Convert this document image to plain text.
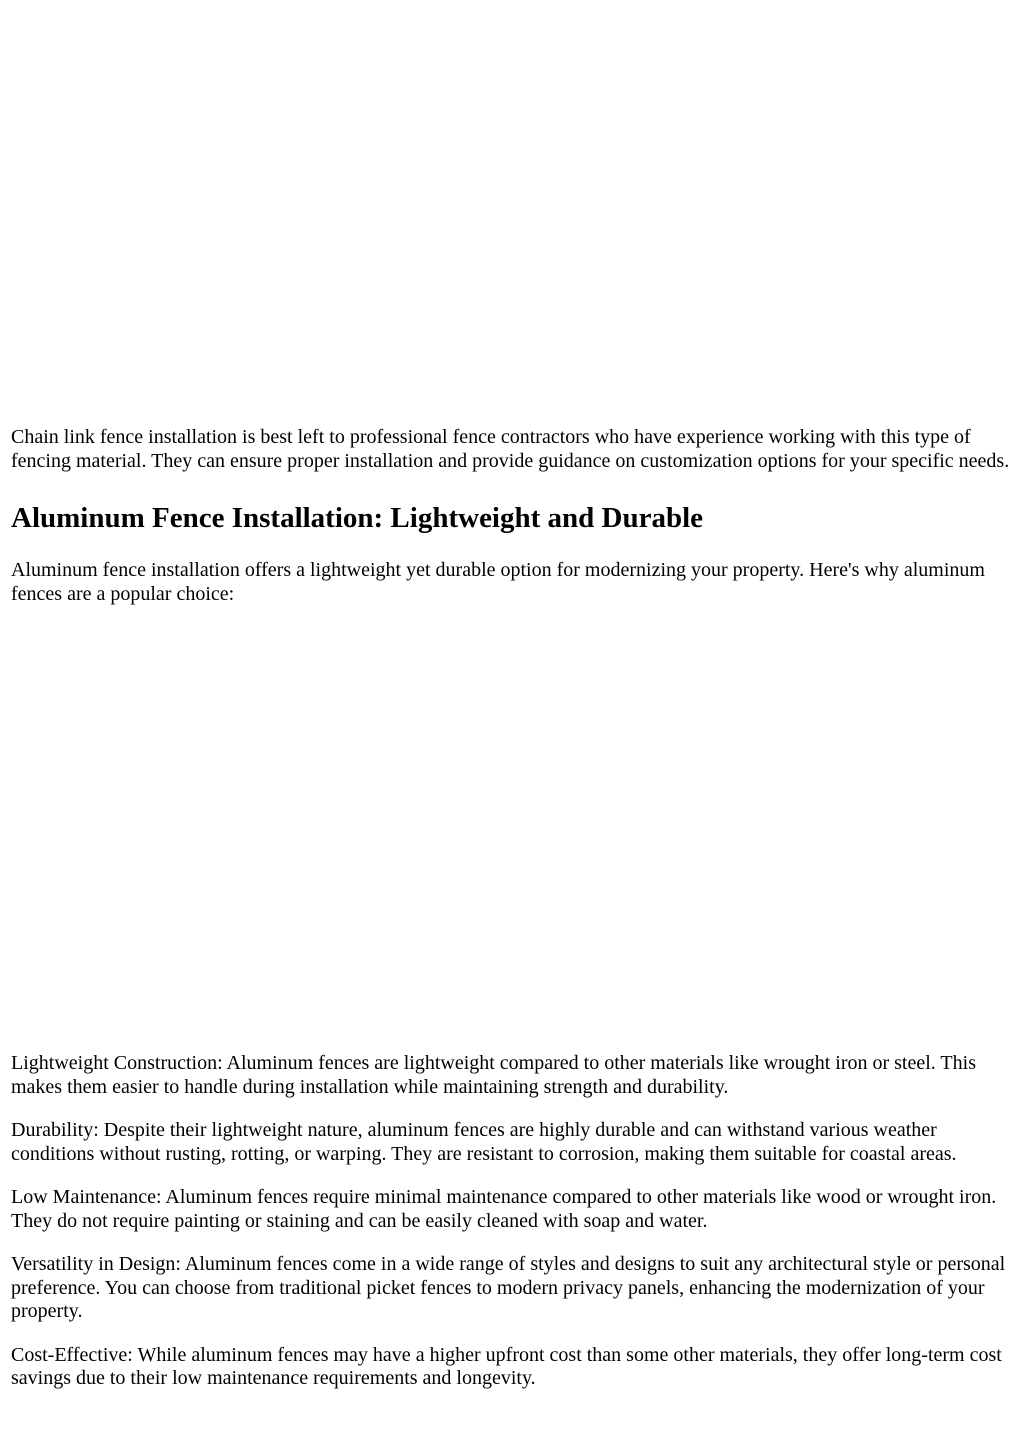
Chain link fence installation is best left to professional fence contractors who have experience working with this type of fencing material. They can ensure proper installation and provide guidance on customization options for your specific needs.

Aluminum Fence Installation: Lightweight and Durable

Aluminum fence installation offers a lightweight yet durable option for modernizing your property. Here's why aluminum fences are a popular choice:

Lightweight Construction: Aluminum fences are lightweight compared to other materials like wrought iron or steel. This makes them easier to handle during installation while maintaining strength and durability.

Durability: Despite their lightweight nature, aluminum fences are highly durable and can withstand various weather conditions without rusting, rotting, or warping. They are resistant to corrosion, making them suitable for coastal areas.

Low Maintenance: Aluminum fences require minimal maintenance compared to other materials like wood or wrought iron. They do not require painting or staining and can be easily cleaned with soap and water.

Versatility in Design: Aluminum fences come in a wide range of styles and designs to suit any architectural style or personal preference. You can choose from traditional picket fences to modern privacy panels, enhancing the modernization of your property.

Cost-Effective: While aluminum fences may have a higher upfront cost than some other materials, they offer long-term cost savings due to their low maintenance requirements and longevity.
